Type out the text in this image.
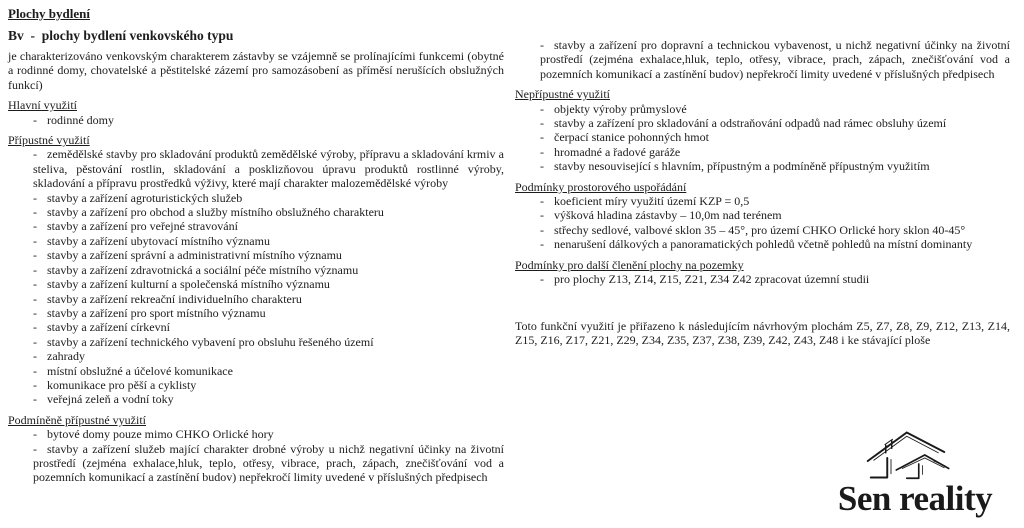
Plochy bydlení
Bv  -  plochy bydlení venkovského typu

je charakterizováno venkovským charakterem zástavby se vzájemně se prolínajícími funkcemi (obytné a rodinné domy, chovatelské a pěstitelské zázemí pro samozásobení as příměsí nerušících obslužných funkcí)

Hlavní využití
- rodinné domy
Přípustné využití
- zemědělské stavby pro skladování produktů zemědělské výroby, přípravu a skladování krmiv a steliva, pěstování rostlin, skladování a posklizňovou úpravu produktů rostlinné výroby, skladování a přípravu prostředků výživy, které mají charakter malozemědělské výroby
- stavby a zařízení agroturistických služeb
- stavby a zařízení pro obchod a služby místního obslužného charakteru
- stavby a zařízení pro veřejné stravování
- stavby a zařízení ubytovací místního významu
- stavby a zařízení správní a administrativní místního významu
- stavby a zařízení zdravotnická a sociální péče místního významu
- stavby a zařízení kulturní a společenská místního významu
- stavby a zařízení rekreační individuelního charakteru
- stavby a zařízení pro sport místního významu
- stavby a zařízení církevní
- stavby a zařízení technického vybavení pro obsluhu řešeného území
- zahrady
- místní obslužné a účelové komunikace
- komunikace pro pěší a cyklisty
- veřejná zeleň a vodní toky
Podmíněně přípustné využití
- bytové domy pouze mimo CHKO Orlické hory
- stavby a zařízení služeb mající charakter drobné výroby u nichž negativní účinky na životní prostředí (zejména exhalace,hluk, teplo, otřesy, vibrace, prach, zápach, znečišťování vod a pozemních komunikací a zastínění budov) nepřekročí limity uvedené v příslušných předpisech
- stavby a zařízení pro dopravní a technickou vybavenost, u nichž negativní účinky na životní prostředí (zejména exhalace,hluk, teplo, otřesy, vibrace, prach, zápach, znečišťování vod a pozemních komunikací a zastínění budov) nepřekročí limity uvedené v příslušných předpisech
Nepřípustné využití
- objekty výroby průmyslové
- stavby a zařízení pro skladování a odstraňování odpadů nad rámec obsluhy území
- čerpací stanice pohonných hmot
- hromadné a řadové garáže
- stavby nesouvisející s hlavním, přípustným a podmíněně přípustným využitím
Podmínky prostorového uspořádání
- koeficient míry využití území KZP = 0,5
- výšková hladina zástavby – 10,0m nad terénem
- střechy sedlové, valbové sklon 35 – 45°, pro území CHKO Orlické hory sklon 40-45°
- nenarušení dálkových a panoramatických pohledů včetně pohledů na místní dominanty
Podmínky pro další členění plochy na pozemky
- pro plochy Z13, Z14, Z15, Z21, Z34 Z42 zpracovat územní studii

Toto funkční využití je přiřazeno k následujícím návrhovým plochám Z5, Z7, Z8, Z9, Z12, Z13, Z14, Z15, Z16, Z17, Z21, Z29, Z34, Z35, Z37, Z38, Z39, Z42, Z43, Z48 i ke stávající ploše

Sen reality
